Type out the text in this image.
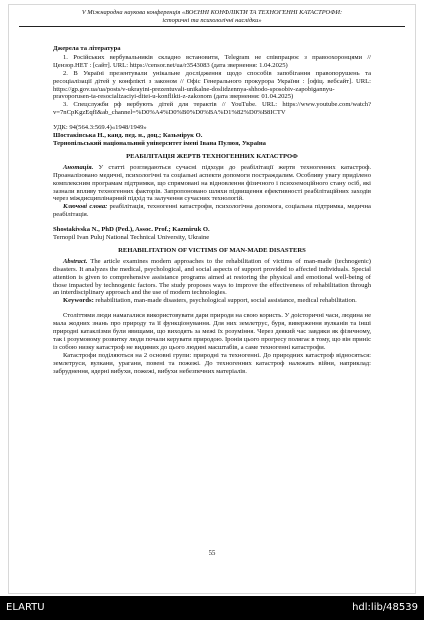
V Міжнародна наукова конференція «ВОЄННІ КОНФЛІКТИ ТА ТЕХНОГЕННІ КАТАСТРОФИ:
історичні та психологічні наслідки»

Джерела та література

1. Російських вербувальників складно встановити, Telegram не співпрацює з правоохоронцями // Цензор.НЕТ : [сайт]. URL: https://censor.net/ua/r3543083 (дата звернення: 1.04.2025)

2. В Україні презентували унікальне дослідження щодо способів запобігання правопорушень та ресоціалізації дітей у конфлікті з законом // Офіс Генерального прокурора України : [офіц. вебсайт]. URL: https://gp.gov.ua/ua/posts/v-ukrayini-prezentuvali-unikalne-doslidzennya-shhodo-sposobiv-zapobigannyu-pravoporusen-ta-resocializaciyi-ditei-u-konflikti-z-zakonom (дата звернення: 01.04.2025)

3. Спецслужби рф вербують дітей для терактів // YouTube. URL: https://www.youtube.com/watch?v=7nCpKgzEqfI&ab_channel=%D0%A4%D0%B0%D0%BA%D1%82%D0%B8ICTV

УДК: 94(564.3:569.4)«1948/1949»

Шостаківська Н., канд. пед. н., доц.; Казьмірук О.

Тернопільський національний університет імені Івана Пулюя, Україна

РЕАБІЛІТАЦІЯ ЖЕРТВ ТЕХНОГЕННИХ КАТАСТРОФ

Анотація. У статті розглядаються сучасні підходи до реабілітації жертв техногенних катастроф. Проаналізовано медичні, психологічні та соціальні аспекти допомоги постраждалим. Особливу увагу приділено комплексним програмам підтримки, що спрямовані на відновлення фізичного і психоемоційного стану осіб, які зазнали впливу техногенних факторів. Запропоновано шляхи підвищення ефективності реабілітаційних заходів через міждисциплінарний підхід та залучення сучасних технологій.

Ключові слова: реабілітація, техногенні катастрофи, психологічна допомога, соціальна підтримка, медична реабілітація.

Shostakivska N., PhD (Ped.), Assoc. Prof.; Kazmiruk O.

Ternopil Ivan Puluj National Technical University, Ukraine

REHABILITATION OF VICTIMS OF MAN-MADE DISASTERS

Abstract. The article examines modern approaches to the rehabilitation of victims of man-made (technogenic) disasters. It analyzes the medical, psychological, and social aspects of support provided to affected individuals. Special attention is given to comprehensive assistance programs aimed at restoring the physical and emotional well-being of those impacted by technogenic factors. The study proposes ways to improve the effectiveness of rehabilitation through an interdisciplinary approach and the use of modern technologies.

Keywords: rehabilitation, man-made disasters, psychological support, social assistance, medical rehabilitation.

Століттями люди намагалися використовувати дари природи на свою користь. У доісторичні часи, людина не мала жодних знань про природу та її функціонування. Для них землетрус, буря, виверження вулканів та інші природні катаклізми були явищами, що виходять за межі їх розуміння. Через деякий час завдяки як фізичному, так і розумовому розвитку люди почали керувати природою. Іронія цього прогресу полягає в тому, що він приніс із собою низку катастроф не видимих до цього людині масштабів, а саме техногенні катастрофи.

Катастрофи поділяються на 2 основні групи: природні та техногенні. До природних катастроф відносяться: землетруси, вулкани, урагани, повені та пожежі. До техногенних катастроф належать війни, наприклад: забруднення, ядерні вибухи, пожежі, вибухи небезпечних матеріалів.

55
ELARTU	hdl:lib/48539
